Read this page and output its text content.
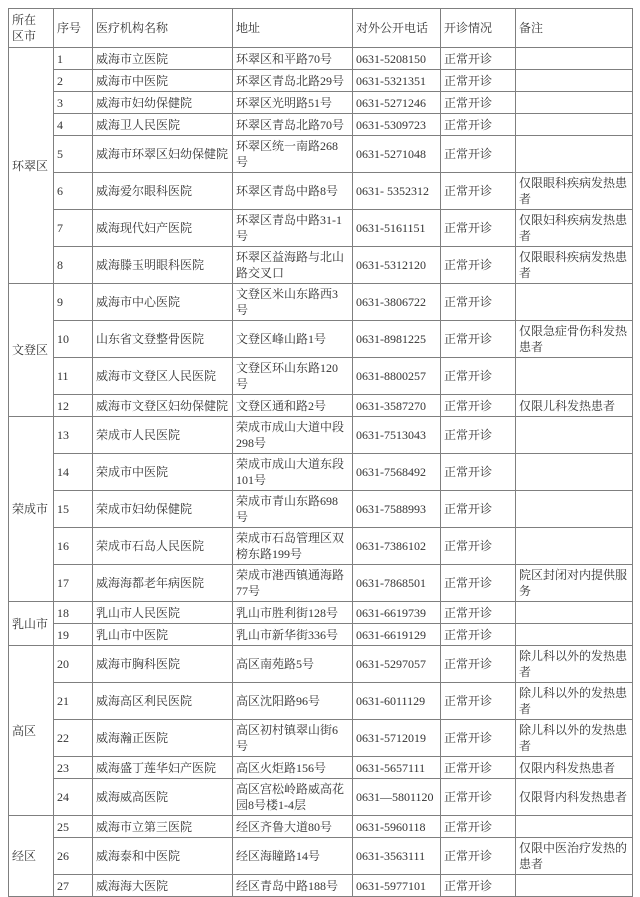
所在区市	序号	医疗机构名称	地址	对外公开电话	开诊情况	备注
环翠区	1	威海市立医院	环翠区和平路70号	0631-5208150	正常开诊	
	2	威海市中医院	环翠区青岛北路29号	0631-5321351	正常开诊	
	3	威海市妇幼保健院	环翠区光明路51号	0631-5271246	正常开诊	
	4	威海卫人民医院	环翠区青岛北路70号	0631-5309723	正常开诊	
	5	威海市环翠区妇幼保健院	环翠区统一南路268号	0631-5271048	正常开诊	
	6	威海爱尔眼科医院	环翠区青岛中路8号	0631- 5352312	正常开诊	仅限眼科疾病发热患者
	7	威海现代妇产医院	环翠区青岛中路31-1号	0631-5161151	正常开诊	仅限妇科疾病发热患者
	8	威海滕玉明眼科医院	环翠区益海路与北山路交叉口	0631-5312120	正常开诊	仅限眼科疾病发热患者
文登区	9	威海市中心医院	文登区米山东路西3号	0631-3806722	正常开诊	
	10	山东省文登整骨医院	文登区峰山路1号	0631-8981225	正常开诊	仅限急症骨伤科发热患者
	11	威海市文登区人民医院	文登区环山东路120号	0631-8800257	正常开诊	
	12	威海市文登区妇幼保健院	文登区通和路2号	0631-3587270	正常开诊	仅限儿科发热患者
荣成市	13	荣成市人民医院	荣成市成山大道中段298号	0631-7513043	正常开诊	
	14	荣成市中医院	荣成市成山大道东段101号	0631-7568492	正常开诊	
	15	荣成市妇幼保健院	荣成市青山东路698号	0631-7588993	正常开诊	
	16	荣成市石岛人民医院	荣成市石岛管理区双榜东路199号	0631-7386102	正常开诊	
	17	威海海都老年病医院	荣成市港西镇通海路77号	0631-7868501	正常开诊	院区封闭对内提供服务
乳山市	18	乳山市人民医院	乳山市胜利街128号	0631-6619739	正常开诊	
	19	乳山市中医院	乳山市新华街336号	0631-6619129	正常开诊	
高区	20	威海市胸科医院	高区南苑路5号	0631-5297057	正常开诊	除儿科以外的发热患者
	21	威海高区利民医院	高区沈阳路96号	0631-6011129	正常开诊	除儿科以外的发热患者
	22	威海瀚正医院	高区初村镇翠山街6号	0631-5712019	正常开诊	除儿科以外的发热患者
	23	威海盛丁莲华妇产医院	高区火炬路156号	0631-5657111	正常开诊	仅限内科发热患者
	24	威海威高医院	高区宫松岭路威高花园8号楼1-4层	0631—5801120	正常开诊	仅限肾内科发热患者
经区	25	威海市立第三医院	经区齐鲁大道80号	0631-5960118	正常开诊	
	26	威海泰和中医院	经区海瞳路14号	0631-3563111	正常开诊	仅限中医治疗发热的患者
	27	威海海大医院	经区青岛中路188号	0631-5977101	正常开诊	
